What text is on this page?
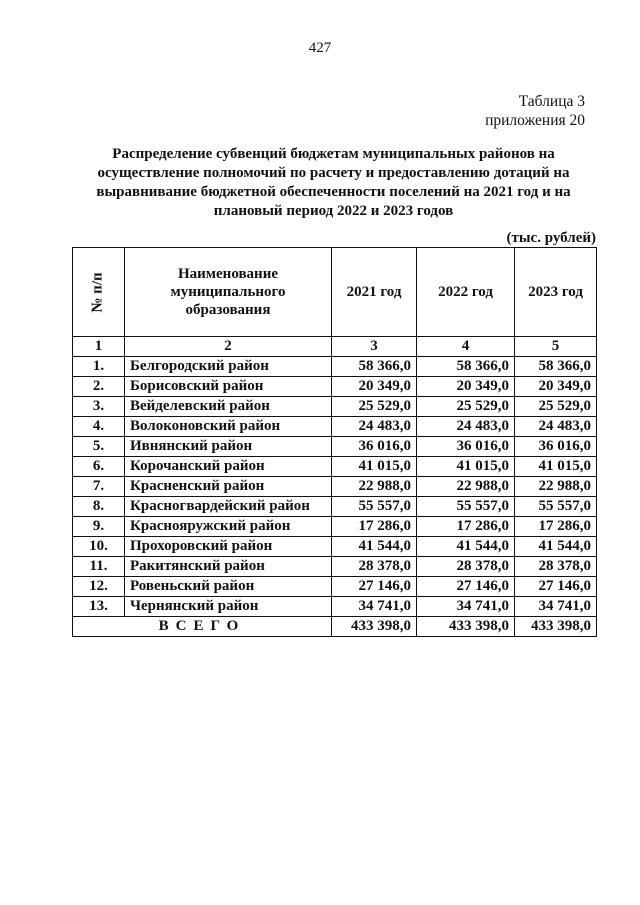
427
Таблица 3
приложения 20
Распределение субвенций бюджетам муниципальных районов на осуществление полномочий по расчету и предоставлению дотаций на выравнивание бюджетной обеспеченности поселений на 2021 год и на плановый период 2022 и 2023 годов
(тыс. рублей)
№ п/п	Наименование муниципального образования	2021 год	2022 год	2023 год
1	2	3	4	5
1.	Белгородский район	58 366,0	58 366,0	58 366,0
2.	Борисовский район	20 349,0	20 349,0	20 349,0
3.	Вейделевский район	25 529,0	25 529,0	25 529,0
4.	Волоконовский район	24 483,0	24 483,0	24 483,0
5.	Ивнянский район	36 016,0	36 016,0	36 016,0
6.	Корочанский район	41 015,0	41 015,0	41 015,0
7.	Красненский район	22 988,0	22 988,0	22 988,0
8.	Красногвардейский район	55 557,0	55 557,0	55 557,0
9.	Краснояружский район	17 286,0	17 286,0	17 286,0
10.	Прохоровский район	41 544,0	41 544,0	41 544,0
11.	Ракитянский район	28 378,0	28 378,0	28 378,0
12.	Ровеньский район	27 146,0	27 146,0	27 146,0
13.	Чернянский район	34 741,0	34 741,0	34 741,0
ВСЕГО		433 398,0	433 398,0	433 398,0
